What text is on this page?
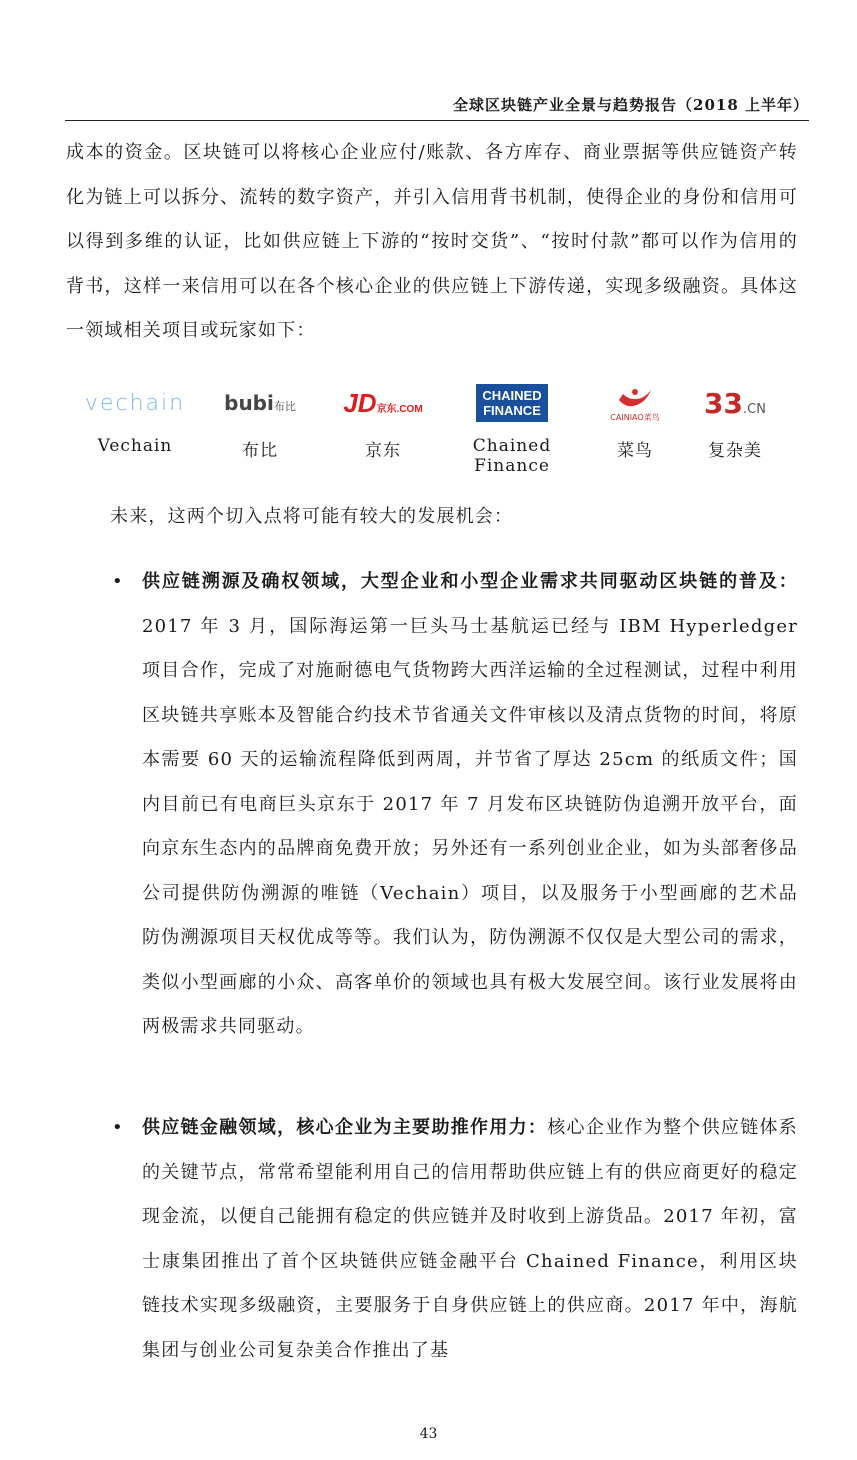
全球区块链产业全景与趋势报告（2018 上半年）

成本的资金。区块链可以将核心企业应付/账款、各方库存、商业票据等供应链资产转化为链上可以拆分、流转的数字资产，并引入信用背书机制，使得企业的身份和信用可以得到多维的认证，比如供应链上下游的“按时交货”、“按时付款”都可以作为信用的背书，这样一来信用可以在各个核心企业的供应链上下游传递，实现多级融资。具体这一领域相关项目或玩家如下：

vechain
Vechain
bubi布比
布比
JD京东.COM
京东
CHAINED
FINANCE
Chained Finance
CAINIAO菜鸟
菜鸟
33.CN
复杂美

未来，这两个切入点将可能有较大的发展机会：

• 供应链溯源及确权领域，大型企业和小型企业需求共同驱动区块链的普及：2017 年 3 月，国际海运第一巨头马士基航运已经与 IBM Hyperledger 项目合作，完成了对施耐德电气货物跨大西洋运输的全过程测试，过程中利用区块链共享账本及智能合约技术节省通关文件审核以及清点货物的时间，将原本需要 60 天的运输流程降低到两周，并节省了厚达 25cm 的纸质文件；国内目前已有电商巨头京东于 2017 年 7 月发布区块链防伪追溯开放平台，面向京东生态内的品牌商免费开放；另外还有一系列创业企业，如为头部奢侈品公司提供防伪溯源的唯链（Vechain）项目，以及服务于小型画廊的艺术品防伪溯源项目天权优成等等。我们认为，防伪溯源不仅仅是大型公司的需求，类似小型画廊的小众、高客单价的领域也具有极大发展空间。该行业发展将由两极需求共同驱动。
• 供应链金融领域，核心企业为主要助推作用力：核心企业作为整个供应链体系的关键节点，常常希望能利用自己的信用帮助供应链上有的供应商更好的稳定现金流，以便自己能拥有稳定的供应链并及时收到上游货品。2017 年初，富士康集团推出了首个区块链供应链金融平台 Chained Finance，利用区块链技术实现多级融资，主要服务于自身供应链上的供应商。2017 年中，海航集团与创业公司复杂美合作推出了基
43
